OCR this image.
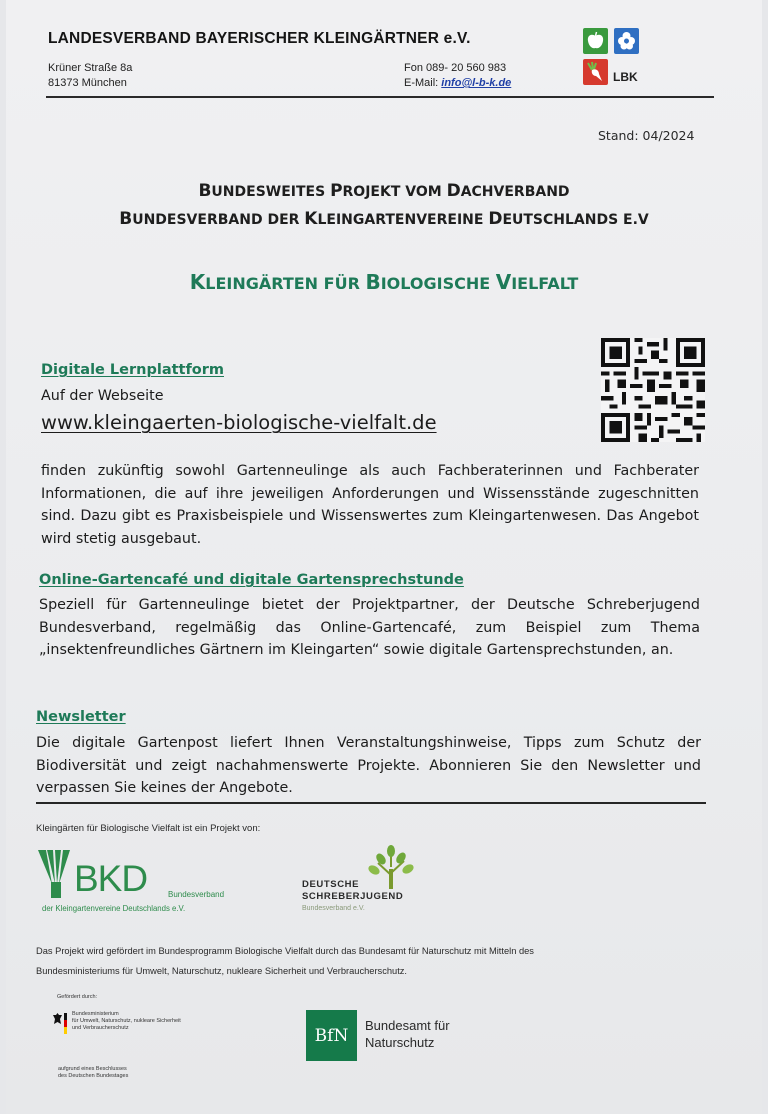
LANDESVERBAND BAYERISCHER KLEINGÄRTNER e.V.
Krüner Straße 8a
81373 München
Fon 089- 20 560 983
E-Mail: info@l-b-k.de	LBK
Stand: 04/2024
BUNDESWEITES PROJEKT VOM DACHVERBAND
BUNDESVERBAND DER KLEINGARTENVEREINE DEUTSCHLANDS E.V
KLEINGÄRTEN FÜR BIOLOGISCHE VIELFALT
Digitale Lernplattform
Auf der Webseite
www.kleingaerten-biologische-vielfalt.de
finden zukünftig sowohl Gartenneulinge als auch Fachberaterinnen und Fachberater Informationen, die auf ihre jeweiligen Anforderungen und Wissensstände zugeschnitten sind. Dazu gibt es Praxisbeispiele und Wissenswertes zum Kleingartenwesen. Das Angebot wird stetig ausgebaut.
Online-Gartencafé und digitale Gartensprechstunde
Speziell für Gartenneulinge bietet der Projektpartner, der Deutsche Schreberjugend Bundesverband, regelmäßig das Online-Gartencafé, zum Beispiel zum Thema „insektenfreundliches Gärtnern im Kleingarten“ sowie digitale Gartensprechstunden, an.
Newsletter
Die digitale Gartenpost liefert Ihnen Veranstaltungshinweise, Tipps zum Schutz der Biodiversität und zeigt nachahmenswerte Projekte. Abonnieren Sie den Newsletter und verpassen Sie keines der Angebote.
Kleingärten für Biologische Vielfalt ist ein Projekt von:
BKD	Bundesverband
der Kleingartenvereine Deutschlands e.V.
DEUTSCHE
SCHREBERJUGEND
Bundesverband e.V.
Das Projekt wird gefördert im Bundesprogramm Biologische Vielfalt durch das Bundesamt für Naturschutz mit Mitteln des
Bundesministeriums für Umwelt, Naturschutz, nukleare Sicherheit und Verbraucherschutz.
Gefördert durch:
Bundesministerium
für Umwelt, Naturschutz, nukleare Sicherheit
und Verbraucherschutz
aufgrund eines Beschlusses
des Deutschen Bundestages
BfN	Bundesamt für
Naturschutz
